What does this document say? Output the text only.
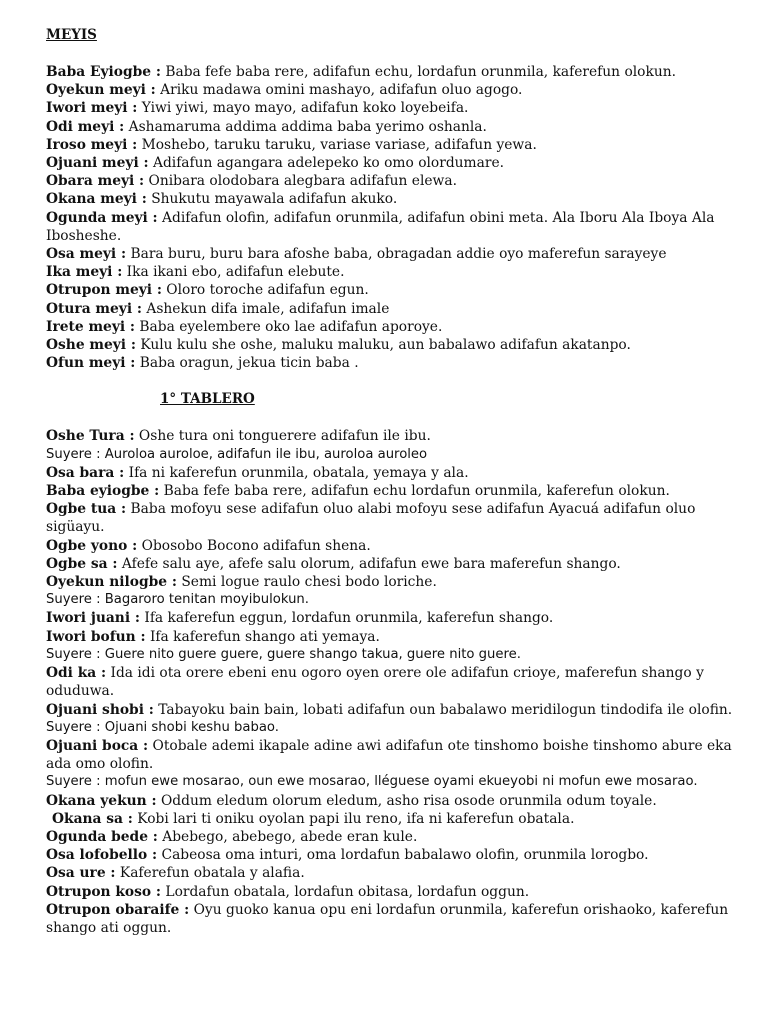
MEYIS

Baba Eyiogbe : Baba fefe baba rere, adifafun echu, lordafun orunmila, kaferefun olokun.

Oyekun meyi : Ariku madawa omini mashayo, adifafun oluo agogo.

Iwori meyi : Yiwi yiwi, mayo mayo, adifafun koko loyebeifa.

Odi meyi : Ashamaruma addima addima baba yerimo oshanla.

Iroso meyi : Moshebo, taruku taruku, variase variase, adifafun yewa.

Ojuani meyi : Adifafun agangara adelepeko ko omo olordumare.

Obara meyi : Onibara olodobara alegbara adifafun elewa.

Okana meyi : Shukutu mayawala adifafun akuko.

Ogunda meyi : Adifafun olofin, adifafun orunmila, adifafun obini meta. Ala Iboru Ala Iboya Ala Ibosheshe.

Osa meyi : Bara buru, buru bara afoshe baba, obragadan addie oyo maferefun sarayeye

Ika meyi : Ika ikani ebo, adifafun elebute.

Otrupon meyi : Oloro toroche adifafun egun.

Otura meyi : Ashekun difa imale, adifafun imale

Irete meyi : Baba eyelembere oko lae adifafun aporoye.

Oshe meyi : Kulu kulu she oshe, maluku maluku, aun babalawo adifafun akatanpo.

Ofun meyi : Baba oragun, jekua ticin baba .

1° TABLERO

Oshe Tura : Oshe tura oni tonguerere adifafun ile ibu.

Suyere : Auroloa auroloe, adifafun ile ibu, auroloa auroleo

Osa bara : Ifa ni kaferefun orunmila, obatala, yemaya y ala.

Baba eyiogbe : Baba fefe baba rere, adifafun echu lordafun orunmila, kaferefun olokun.

Ogbe tua : Baba mofoyu sese adifafun oluo alabi mofoyu sese adifafun Ayacuá adifafun oluo sigüayu.

Ogbe yono : Obosobo Bocono adifafun shena.

Ogbe sa : Afefe salu aye, afefe salu olorum, adifafun ewe bara maferefun shango.

Oyekun nilogbe : Semi logue raulo chesi bodo loriche.

Suyere : Bagaroro tenitan moyibulokun.

Iwori juani : Ifa kaferefun eggun, lordafun orunmila, kaferefun shango.

Iwori bofun : Ifa kaferefun shango ati yemaya.

Suyere : Guere nito guere guere, guere shango takua, guere nito guere.

Odi ka : Ida idi ota orere ebeni enu ogoro oyen orere ole adifafun crioye, maferefun shango y oduduwa.

Ojuani shobi : Tabayoku bain bain, lobati adifafun oun babalawo meridilogun tindodifa ile olofin.

Suyere : Ojuani shobi keshu babao.

Ojuani boca : Otobale ademi ikapale adine awi adifafun ote tinshomo boishe tinshomo abure eka ada omo olofin.

Suyere : mofun ewe mosarao, oun ewe mosarao, lléguese oyami ekueyobi ni mofun ewe mosarao.

Okana yekun : Oddum eledum olorum eledum, asho risa osode orunmila odum toyale.

Okana sa : Kobi lari ti oniku oyolan papi ilu reno, ifa ni kaferefun obatala.

Ogunda bede : Abebego, abebego, abede eran kule.

Osa lofobello : Cabeosa oma inturi, oma lordafun babalawo olofin, orunmila lorogbo.

Osa ure : Kaferefun obatala y alafia.

Otrupon koso : Lordafun obatala, lordafun obitasa, lordafun oggun.

Otrupon obaraife : Oyu guoko kanua opu eni lordafun orunmila, kaferefun orishaoko, kaferefun shango ati oggun.
